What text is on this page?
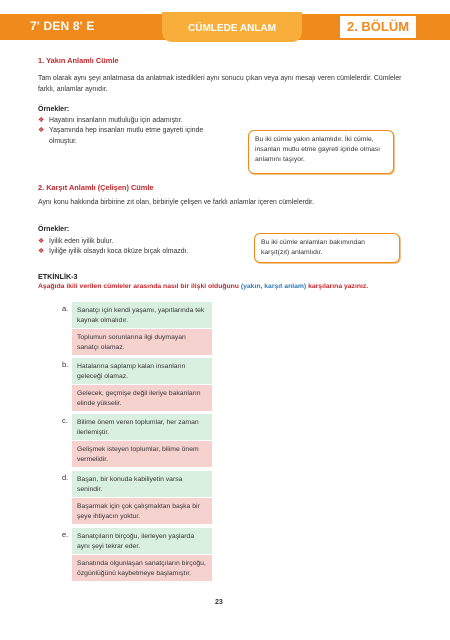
7' DEN 8' E	CÜMLEDE ANLAM	2. BÖLÜM
1. Yakın Anlamlı Cümle
Tam olarak aynı şeyi anlatmasa da anlatmak istedikleri aynı sonucu çıkan veya aynı mesajı veren cümlelerdir. Cümleler farklı, anlamlar aynıdır.
Örnekler:
❖ Hayatını insanların mutluluğu için adamıştır.
❖ Yaşamında hep insanları mutlu etme gayreti içinde olmuştur.	Bu iki cümle yakın anlamlıdır. İki cümle, insanları mutlu etme gayreti içinde olması anlamını taşıyor.
2. Karşıt Anlamlı (Çelişen) Cümle
Aynı konu hakkında birbirine zıt olan, birbiriyle çelişen ve farklı anlamlar içeren cümlelerdir.
Örnekler:
❖ İyilik eden iyilik bulur.
❖ İyiliğe iyilik olsaydı koca öküze bıçak olmazdı.
Bu iki cümle anlamları bakımından karşıt(zıt) anlamlıdır.
ETKİNLİK-3
Aşağıda ikili verilen cümleler arasında nasıl bir ilişki olduğunu (yakın, karşıt anlam) karşılarına yazınız.
a.	Sanatçı için kendi yaşamı, yapıtlarında tek kaynak olmalıdır.
Toplumun sorunlarına ilgi duymayan sanatçı olamaz.
b.	Hatalarına saplanıp kalan insanların geleceği olamaz.
Gelecek, geçmişe değil ileriye bakanların elinde yükselir.
c.	Bilime önem veren toplumlar, her zaman ilerlemiştir.
Gelişmek isteyen toplumlar, bilime önem vermelidir.
d.	Başarı, bir konuda kabiliyetin varsa senindir.
Başarmak için çok çalışmaktan başka bir şeye ihtiyacın yoktur.
e.	Sanatçıların birçoğu, ilerleyen yaşlarda aynı şeyi tekrar eder.
Sanatında olgunlaşan sanatçıların birçoğu, özgünlüğünü kaybetmeye başlamıştır.
23
